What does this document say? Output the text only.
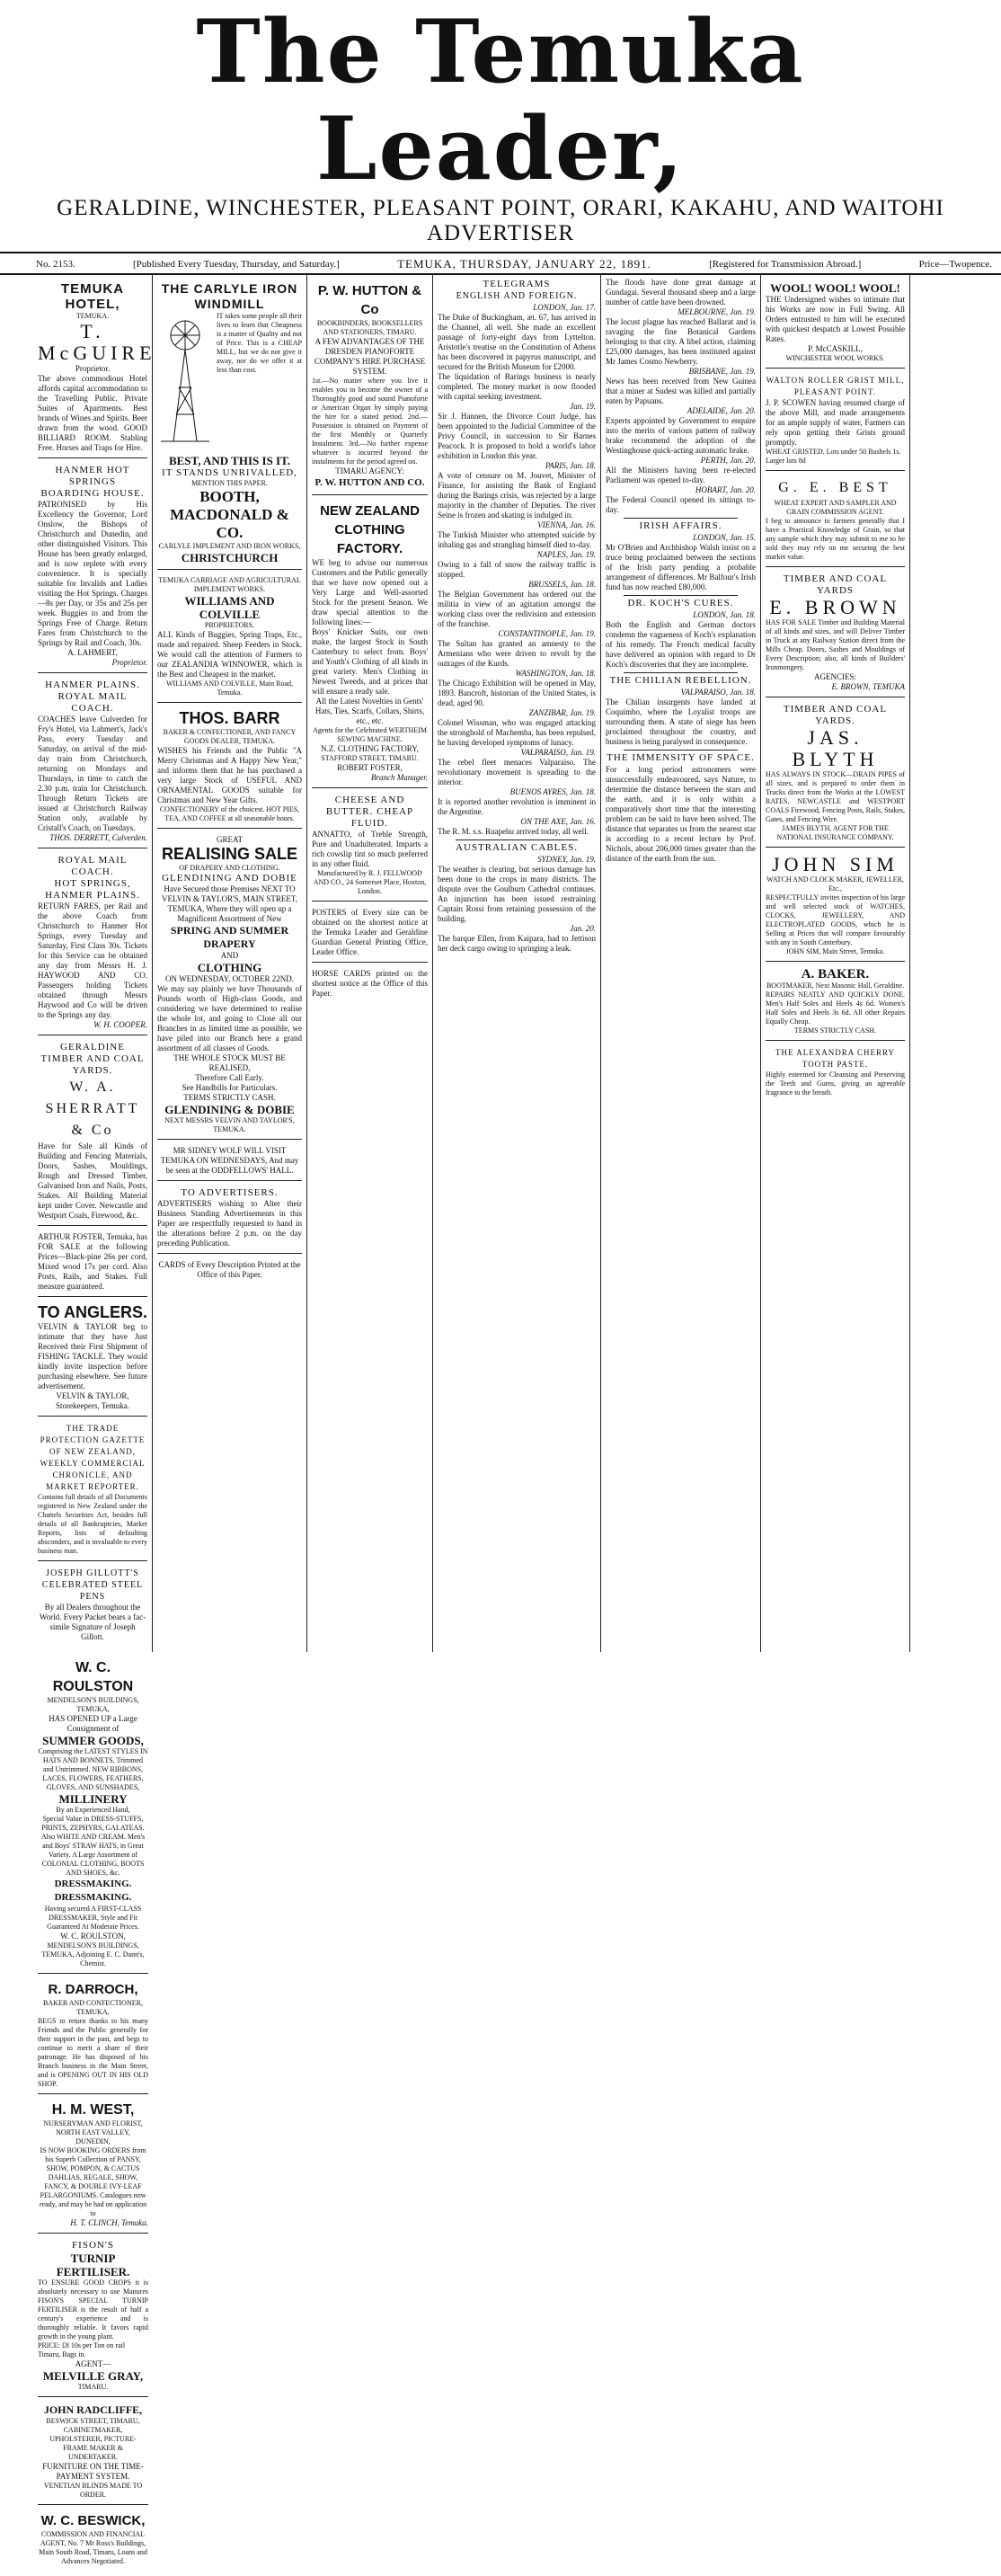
The Temuka Leader,
GERALDINE, WINCHESTER, PLEASANT POINT, ORARI, KAKAHU, AND WAITOHI ADVERTISER
No. 2153.	[Published Every Tuesday, Thursday, and Saturday.]	TEMUKA, THURSDAY, JANUARY 22, 1891.	[Registered for Transmission Abroad.]	Price—Twopence.
TEMUKA HOTEL,
TEMUKA.
T. McGUIRE
Proprietor.
The above commodious Hotel affords capital accommodation to the Travelling Public. Private Suites of Apartments. Best brands of Wines and Spirits. Beer drawn from the wood. GOOD BILLIARD ROOM. Stabling Free. Horses and Traps for Hire.
HANMER HOT SPRINGS BOARDING HOUSE.
PATRONISED by His Excellency the Governor, Lord Onslow, the Bishops of Christchurch and Dunedin, and other distinguished Visitors. This House has been greatly enlarged, and is now replete with every convenience. It is specially suitable for Invalids and Ladies visiting the Hot Springs. Charges—8s per Day, or 35s and 25s per week. Buggies to and from the Springs Free of Charge. Return Fares from Christchurch to the Springs by Rail and Coach, 30s.
A. LAHMERT,
Proprietor.
HANMER PLAINS. ROYAL MAIL COACH.
COACHES leave Culverden for Fry's Hotel, via Lahmert's, Jack's Pass, every Tuesday and Saturday, on arrival of the mid-day train from Christchurch, returning on Mondays and Thursdays, in time to catch the 2.30 p.m. train for Christchurch. Through Return Tickets are issued at Christchurch Railway Station only, available by Cristall's Coach, on Tuesdays.
THOS. DERRETT, Culverden.
ROYAL MAIL COACH.
HOT SPRINGS, HANMER PLAINS.
RETURN FARES, per Rail and the above Coach from Christchurch to Hanmer Hot Springs, every Tuesday and Saturday, First Class 30s. Tickets for this Service can be obtained any day from Messrs H. J. HAYWOOD AND CO. Passengers holding Tickets obtained through Messrs Haywood and Co will be driven to the Springs any day.
W. H. COOPER.
GERALDINE TIMBER AND COAL YARDS.
W. A. SHERRATT & Co
Have for Sale all Kinds of Building and Fencing Materials, Doors, Sashes, Mouldings, Rough and Dressed Timber, Galvanised Iron and Nails, Posts, Stakes. All Building Material kept under Cover. Newcastle and Westport Coals, Firewood, &c.
ARTHUR FOSTER, Temuka, has FOR SALE at the following Prices—Black-pine 26s per cord, Mixed wood 17s per cord. Also Posts, Rails, and Stakes. Full measure guaranteed.
TO ANGLERS.
VELVIN & TAYLOR beg to intimate that they have Just Received their First Shipment of FISHING TACKLE. They would kindly invite inspection before purchasing elsewhere. See future advertisement.
VELVIN & TAYLOR, Storekeepers, Temuka.
THE TRADE PROTECTION GAZETTE OF NEW ZEALAND, WEEKLY COMMERCIAL CHRONICLE, AND MARKET REPORTER.
Contains full details of all Documents registered in New Zealand under the Chattels Securities Act, besides full details of all Bankruptcies, Market Reports, lists of defaulting absconders, and is invaluable to every business man.
JOSEPH GILLOTT'S CELEBRATED STEEL PENS
By all Dealers throughout the World. Every Packet bears a fac-simile Signature of Joseph Gillott.
THE CARLYLE IRON WINDMILL
IT takes some people all their lives to learn that Cheapness is a matter of Quality and not of Price. This is a CHEAP MILL, but we do not give it away, nor do we offer it at less than cost.
BEST, AND THIS IS IT.
IT STANDS UNRIVALLED,
MENTION THIS PAPER.
BOOTH, MACDONALD & CO.
CARLYLE IMPLEMENT AND IRON WORKS,
CHRISTCHURCH
TEMUKA CARRIAGE AND AGRICULTURAL IMPLEMENT WORKS.
WILLIAMS AND COLVILLE
PROPRIETORS.
ALL Kinds of Buggies, Spring Traps, Etc., made and repaired. Sheep Feeders in Stock. We would call the attention of Farmers to our ZEALANDIA WINNOWER, which is the Best and Cheapest in the market.
WILLIAMS AND COLVILLE, Main Road, Temuka.
THOS. BARR
BAKER & CONFECTIONER, AND FANCY GOODS DEALER, TEMUKA.
WISHES his Friends and the Public "A Merry Christmas and A Happy New Year," and informs them that he has purchased a very large Stock of USEFUL AND ORNAMENTAL GOODS suitable for Christmas and New Year Gifts.
CONFECTIONERY of the choicest. HOT PIES, TEA, AND COFFEE at all seasonable hours.
GREAT
REALISING SALE
OF DRAPERY AND CLOTHING.
GLENDINING AND DOBIE
Have Secured those Premises NEXT TO VELVIN & TAYLOR'S, MAIN STREET, TEMUKA, Where they will open up a Magnificent Assortment of New
SPRING AND SUMMER DRAPERY
AND
CLOTHING
ON WEDNESDAY, OCTOBER 22ND.
We may say plainly we have Thousands of Pounds worth of High-class Goods, and considering we have determined to realise the whole lot, and going to Close all our Branches in as limited time as possible, we have piled into our Branch here a grand assortment of all classes of Goods.
THE WHOLE STOCK MUST BE REALISED,
Therefore Call Early.
See Handbills for Particulars.
TERMS STRICTLY CASH.
GLENDINING & DOBIE
NEXT MESSRS VELVIN AND TAYLOR'S, TEMUKA.
MR SIDNEY WOLF WILL VISIT TEMUKA ON WEDNESDAYS, And may be seen at the ODDFELLOWS' HALL.
TO ADVERTISERS.
ADVERTISERS wishing to Alter their Business Standing Advertisements in this Paper are respectfully requested to hand in the alterations before 2 p.m. on the day preceding Publication.
CARDS of Every Description Printed at the Office of this Paper.
P. W. HUTTON & Co
BOOKBINDERS, BOOKSELLERS AND STATIONERS, TIMARU.
A FEW ADVANTAGES OF THE DRESDEN PIANOFORTE COMPANY'S HIRE PURCHASE SYSTEM.
1st.—No matter where you live it enables you to become the owner of a Thoroughly good and sound Pianoforte or American Organ by simply paying the hire for a stated period. 2nd.—Possession is obtained on Payment of the first Monthly or Quarterly Instalment. 3rd.—No further expense whatever is incurred beyond the instalments for the period agreed on.
TIMARU AGENCY:
P. W. HUTTON AND CO.
NEW ZEALAND CLOTHING FACTORY.
WE beg to advise our numerous Customers and the Public generally that we have now opened out a Very Large and Well-assorted Stock for the present Season. We draw special attention to the following lines:—
Boys' Knicker Suits, our own make, the largest Stock in South Canterbury to select from. Boys' and Youth's Clothing of all kinds in great variety. Men's Clothing in Newest Tweeds, and at prices that will ensure a ready sale.
All the Latest Novelties in Gents' Hats, Ties, Scarfs, Collars, Shirts, etc., etc.
Agents for the Celebrated WERTHEIM SEWING MACHINE.
N.Z. CLOTHING FACTORY,
STAFFORD STREET, TIMARU.
ROBERT FOSTER,
Branch Manager.
CHEESE AND BUTTER. CHEAP FLUID.
ANNATTO, of Treble Strength, Pure and Unadulterated. Imparts a rich cowslip tint so much preferred in any other fluid.
Manufactured by R. J. FELLWOOD AND CO., 24 Somerset Place, Hoxton, London.
POSTERS of Every size can be obtained on the shortest notice at the Temuka Leader and Geraldine Guardian General Printing Office, Leader Office.
HORSE CARDS printed on the shortest notice at the Office of this Paper.
TELEGRAMS
ENGLISH AND FOREIGN.
LONDON, Jan. 17.
The Duke of Buckingham, æt. 67, has arrived in the Channel, all well. She made an excellent passage of forty-eight days from Lyttelton. Aristotle's treatise on the Constitution of Athens has been discovered in papyrus manuscript, and secured for the British Museum for £2000.
The liquidation of Barings business is nearly completed. The money market is now flooded with capital seeking investment.
Jan. 19.
Sir J. Hannen, the Divorce Court Judge, has been appointed to the Judicial Committee of the Privy Council, in succession to Sir Barnes Peacock. It is proposed to hold a world's labor exhibition in London this year.
PARIS, Jan. 18.
A vote of censure on M. Jouvet, Minister of Finance, for assisting the Bank of England during the Barings crisis, was rejected by a large majority in the chamber of Deputies. The river Seine is frozen and skating is indulged in.
VIENNA, Jan. 16.
The Turkish Minister who attempted suicide by inhaling gas and strangling himself died to-day.
NAPLES, Jan. 19.
Owing to a fall of snow the railway traffic is stopped.
BRUSSELS, Jan. 18.
The Belgian Government has ordered out the militia in view of an agitation amongst the working class over the redivision and extension of the franchise.
CONSTANTINOPLE, Jan. 19.
The Sultan has granted an amnesty to the Armenians who were driven to revolt by the outrages of the Kurds.
WASHINGTON, Jan. 18.
The Chicago Exhibition will be opened in May, 1893. Bancroft, historian of the United States, is dead, aged 90.
ZANZIBAR, Jan. 19.
Colonel Wissman, who was engaged attacking the stronghold of Machemba, has been repulsed, he having developed symptoms of lunacy.
VALPARAISO, Jan. 19.
The rebel fleet menaces Valparaiso. The revolutionary movement is spreading to the interior.
BUENOS AYRES, Jan. 18.
It is reported another revolution is imminent in the Argentine.
ON THE AXE, Jan. 16.
The R. M. s.s. Ruapehu arrived today, all well.
AUSTRALIAN CABLES.
SYDNEY, Jan. 19.
The weather is clearing, but serious damage has been done to the crops in many districts. The dispute over the Goulburn Cathedral continues. An injunction has been issued restraining Captain Rossi from retaining possession of the building.
Jan. 20.
The barque Ellen, from Kaipara, had to Jettison her deck cargo owing to springing a leak.
The floods have done great damage at Gundagai. Several thousand sheep and a large number of cattle have been drowned.
MELBOURNE, Jan. 19.
The locust plague has reached Ballarat and is ravaging the fine Botanical Gardens belonging to that city. A libel action, claiming £25,000 damages, has been instituted against Mr James Cosmo Newberry.
BRISBANE, Jan. 19.
News has been received from New Guinea that a miner at Sudest was killed and partially eaten by Papuans.
ADELAIDE, Jan. 20.
Experts appointed by Government to enquire into the merits of various pattern of railway brake recommend the adoption of the Westinghouse quick-acting automatic brake.
PERTH, Jan. 20.
All the Ministers having been re-elected Parliament was opened to-day.
HOBART, Jan. 20.
The Federal Council opened its sittings to-day.
IRISH AFFAIRS.
LONDON, Jan. 15.
Mr O'Brien and Archbishop Walsh insist on a truce being proclaimed between the sections of the Irish party pending a probable arrangement of differences. Mr Balfour's Irish fund has now reached £80,000.
DR. KOCH'S CURES.
LONDON, Jan. 18.
Both the English and German doctors condemn the vagueness of Koch's explanation of his remedy. The French medical faculty have delivered an opinion with regard to Dr Koch's discoveries that they are incomplete.
THE CHILIAN REBELLION.
VALPARAISO, Jan. 18.
The Chilian insurgents have landed at Coquimbo, where the Loyalist troops are surrounding them. A state of siege has been proclaimed throughout the country, and business is being paralysed in consequence.
THE IMMENSITY OF SPACE.
For a long period astronomers were unsuccessfully endeavoured, says Nature, to determine the distance between the stars and the earth, and it is only within a comparatively short time that the interesting problem can be said to have been solved. The distance that separates us from the nearest star is according to a recent lecture by Prof. Nichols, about 206,000 times greater than the distance of the earth from the sun.
WOOL! WOOL! WOOL!
THE Undersigned wishes to intimate that his Works are now in Full Swing. All Orders entrusted to him will be executed with quickest despatch at Lowest Possible Rates.
P. McCASKILL,
WINCHESTER WOOL WORKS.
WALTON ROLLER GRIST MILL, PLEASANT POINT.
J. P. SCOWEN having resumed charge of the above Mill, and made arrangements for an ample supply of water, Farmers can rely upon getting their Grists ground promptly.
WHEAT GRISTED. Lots under 50 Bushels 1s. Larger lots 8d
G. E. BEST
WHEAT EXPERT AND SAMPLER AND GRAIN COMMISSION AGENT.
I beg to announce to farmers generally that I have a Practical Knowledge of Grain, so that any sample which they may submit to me to be sold they may rely on me securing the best market value.
TIMBER AND COAL YARDS
E. BROWN
HAS FOR SALE Timber and Building Material of all kinds and sizes, and will Deliver Timber in Truck at any Railway Station direct from the Mills Cheap. Doors, Sashes and Mouldings of Every Description; also, all kinds of Builders' Ironmongery.
AGENCIES:
E. BROWN, TEMUKA
TIMBER AND COAL YARDS.
JAS. BLYTH
HAS ALWAYS IN STOCK—DRAIN PIPES of all sizes, and is prepared to order them in Trucks direct from the Works at the LOWEST RATES. NEWCASTLE and WESTPORT COALS Firewood, Fencing Posts, Rails, Stakes, Gates, and Fencing Wire.
JAMES BLYTH, AGENT FOR THE NATIONAL INSURANCE COMPANY.
JOHN SIM
WATCH AND CLOCK MAKER, JEWELLER, Etc.,
RESPECTFULLY invites inspection of his large and well selected stock of WATCHES, CLOCKS, JEWELLERY, AND ELECTROPLATED GOODS, which he is Selling at Prices that will compare favourably with any in South Canterbury.
JOHN SIM, Main Street, Temuka.
A. BAKER.
BOOTMAKER, Next Masonic Hall, Geraldine.
REPAIRS NEATLY AND QUICKLY DONE. Men's Half Soles and Heels 4s 6d. Women's Half Soles and Heels 3s 6d. All other Repairs Equally Cheap.
TERMS STRICTLY CASH.
THE ALEXANDRA CHERRY TOOTH PASTE.
Highly esteemed for Cleansing and Preserving the Teeth and Gums, giving an agreeable fragrance to the breath.
W. C. ROULSTON
MENDELSON'S BUILDINGS, TEMUKA,
HAS OPENED UP a Large Consignment of
SUMMER GOODS,
Comprising the LATEST STYLES IN HATS AND BONNETS, Trimmed and Untrimmed. NEW RIBBONS, LACES, FLOWERS, FEATHERS, GLOVES, AND SUNSHADES,
MILLINERY
By an Experienced Hand,
Special Value in DRESS-STUFFS, PRINTS, ZEPHYRS, GALATEAS. Also WHITE AND CREAM. Men's and Boys' STRAW HATS, in Great Variety. A Large Assortment of COLONIAL CLOTHING, BOOTS AND SHOES, &c.
DRESSMAKING. DRESSMAKING.
Having secured A FIRST-CLASS DRESSMAKER, Style and Fit Guaranteed At Moderate Prices.
W. C. ROULSTON,
MENDELSON'S BUILDINGS, TEMUKA, Adjoining E. C. Dann's, Chemist.
R. DARROCH,
BAKER AND CONFECTIONER, TEMUKA,
BEGS to return thanks to his many Friends and the Public generally for their support in the past, and begs to continue to merit a share of their patronage. He has disposed of his Branch business in the Main Street, and is OPENING OUT IN HIS OLD SHOP.
H. M. WEST,
NURSERYMAN AND FLORIST, NORTH EAST VALLEY, DUNEDIN,
IS NOW BOOKING ORDERS from his Superb Collection of PANSY, SHOW, POMPON, & CACTUS DAHLIAS, REGALE, SHOW, FANCY, & DOUBLE IVY-LEAF PELARGONIUMS. Catalogues now ready, and may be had on application to
H. T. CLINCH, Temuka.
FISON'S
TURNIP FERTILISER.
TO ENSURE GOOD CROPS it is absolutely necessary to use Manures FISON'S SPECIAL TURNIP FERTILISER is the result of half a century's experience and is thoroughly reliable. It favors rapid growth in the young plant.
PRICE: £8 10s per Ton on rail Timaru, Bags in.
AGENT—
MELVILLE GRAY,
TIMARU.
JOHN RADCLIFFE,
BESWICK STREET, TIMARU,
CABINETMAKER, UPHOLSTERER, PICTURE-FRAME MAKER & UNDERTAKER.
FURNITURE ON THE TIME-PAYMENT SYSTEM.
VENETIAN BLINDS MADE TO ORDER.
W. C. BESWICK,
COMMISSION AND FINANCIAL AGENT, No. 7 Mr Ross's Buildings, Main South Road, Timaru, Loans and Advances Negotiated.
